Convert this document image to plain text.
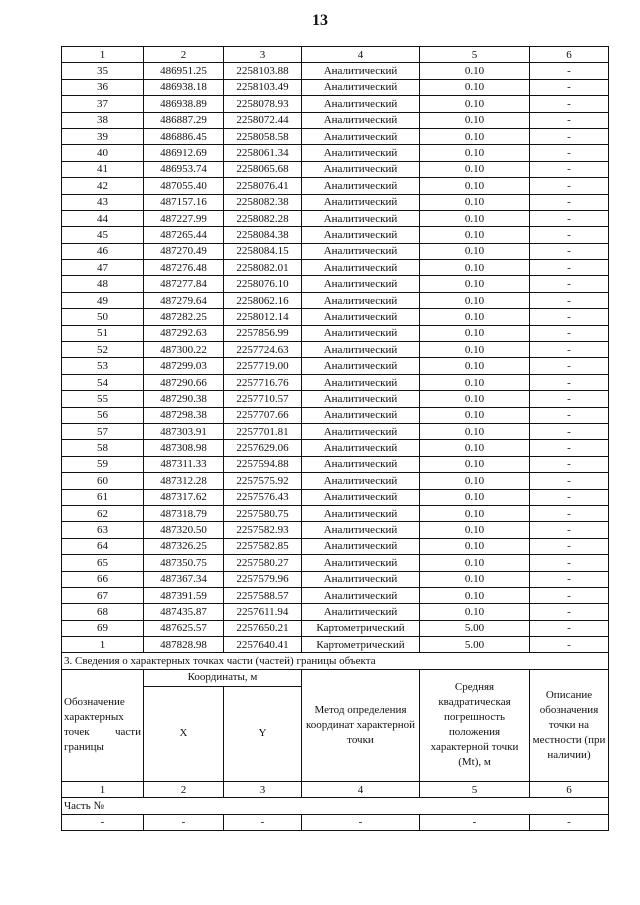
13
1	2	3	4	5	6
35	486951.25	2258103.88	Аналитический	0.10	-
36	486938.18	2258103.49	Аналитический	0.10	-
37	486938.89	2258078.93	Аналитический	0.10	-
38	486887.29	2258072.44	Аналитический	0.10	-
39	486886.45	2258058.58	Аналитический	0.10	-
40	486912.69	2258061.34	Аналитический	0.10	-
41	486953.74	2258065.68	Аналитический	0.10	-
42	487055.40	2258076.41	Аналитический	0.10	-
43	487157.16	2258082.38	Аналитический	0.10	-
44	487227.99	2258082.28	Аналитический	0.10	-
45	487265.44	2258084.38	Аналитический	0.10	-
46	487270.49	2258084.15	Аналитический	0.10	-
47	487276.48	2258082.01	Аналитический	0.10	-
48	487277.84	2258076.10	Аналитический	0.10	-
49	487279.64	2258062.16	Аналитический	0.10	-
50	487282.25	2258012.14	Аналитический	0.10	-
51	487292.63	2257856.99	Аналитический	0.10	-
52	487300.22	2257724.63	Аналитический	0.10	-
53	487299.03	2257719.00	Аналитический	0.10	-
54	487290.66	2257716.76	Аналитический	0.10	-
55	487290.38	2257710.57	Аналитический	0.10	-
56	487298.38	2257707.66	Аналитический	0.10	-
57	487303.91	2257701.81	Аналитический	0.10	-
58	487308.98	2257629.06	Аналитический	0.10	-
59	487311.33	2257594.88	Аналитический	0.10	-
60	487312.28	2257575.92	Аналитический	0.10	-
61	487317.62	2257576.43	Аналитический	0.10	-
62	487318.79	2257580.75	Аналитический	0.10	-
63	487320.50	2257582.93	Аналитический	0.10	-
64	487326.25	2257582.85	Аналитический	0.10	-
65	487350.75	2257580.27	Аналитический	0.10	-
66	487367.34	2257579.96	Аналитический	0.10	-
67	487391.59	2257588.57	Аналитический	0.10	-
68	487435.87	2257611.94	Аналитический	0.10	-
69	487625.57	2257650.21	Картометрический	5.00	-
1	487828.98	2257640.41	Картометрический	5.00	-
3. Сведения о характерных точках части (частей) границы объекта					
Обозначение характерных точек части границы	Координаты, м		Метод определения координат характерной точки	Средняя квадратическая погрешность положения характерной точки (Mt), м	Описание обозначения точки на местности (при наличии)
	X	Y			
1	2	3	4	5	6
Часть №					
-	-	-	-	-	-
